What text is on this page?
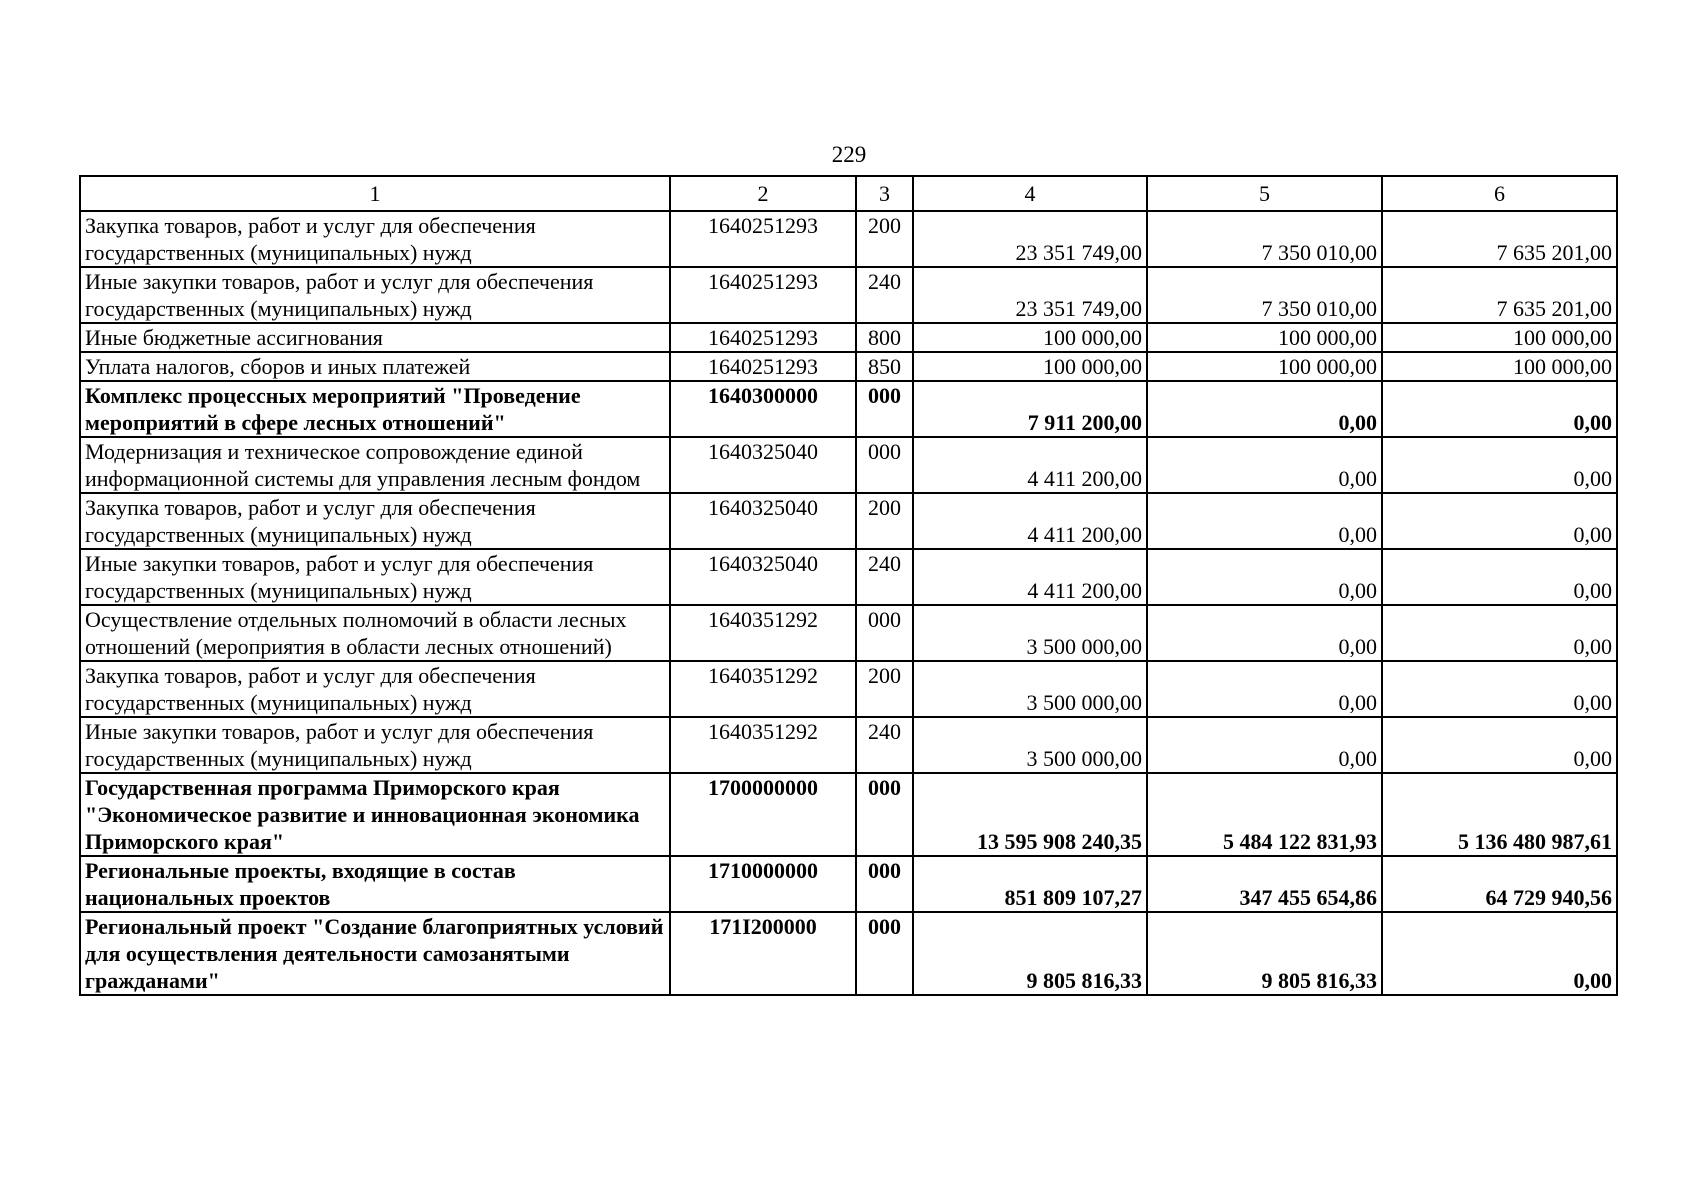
229
1	2	3	4	5	6
Закупка товаров, работ и услуг для обеспечения государственных (муниципальных) нужд	1640251293	200	23 351 749,00	7 350 010,00	7 635 201,00
Иные закупки товаров, работ и услуг для обеспечения государственных (муниципальных) нужд	1640251293	240	23 351 749,00	7 350 010,00	7 635 201,00
Иные бюджетные ассигнования	1640251293	800	100 000,00	100 000,00	100 000,00
Уплата налогов, сборов и иных платежей	1640251293	850	100 000,00	100 000,00	100 000,00
Комплекс процессных мероприятий "Проведение мероприятий в сфере лесных отношений"	1640300000	000	7 911 200,00	0,00	0,00
Модернизация и техническое сопровождение единой информационной системы для управления лесным фондом	1640325040	000	4 411 200,00	0,00	0,00
Закупка товаров, работ и услуг для обеспечения государственных (муниципальных) нужд	1640325040	200	4 411 200,00	0,00	0,00
Иные закупки товаров, работ и услуг для обеспечения государственных (муниципальных) нужд	1640325040	240	4 411 200,00	0,00	0,00
Осуществление отдельных полномочий в области лесных отношений (мероприятия в области лесных отношений)	1640351292	000	3 500 000,00	0,00	0,00
Закупка товаров, работ и услуг для обеспечения государственных (муниципальных) нужд	1640351292	200	3 500 000,00	0,00	0,00
Иные закупки товаров, работ и услуг для обеспечения государственных (муниципальных) нужд	1640351292	240	3 500 000,00	0,00	0,00
Государственная программа Приморского края "Экономическое развитие и инновационная экономика Приморского края"	1700000000	000	13 595 908 240,35	5 484 122 831,93	5 136 480 987,61
Региональные проекты, входящие в состав национальных проектов	1710000000	000	851 809 107,27	347 455 654,86	64 729 940,56
Региональный проект "Создание благоприятных условий для осуществления деятельности самозанятыми гражданами"	171I200000	000	9 805 816,33	9 805 816,33	0,00
